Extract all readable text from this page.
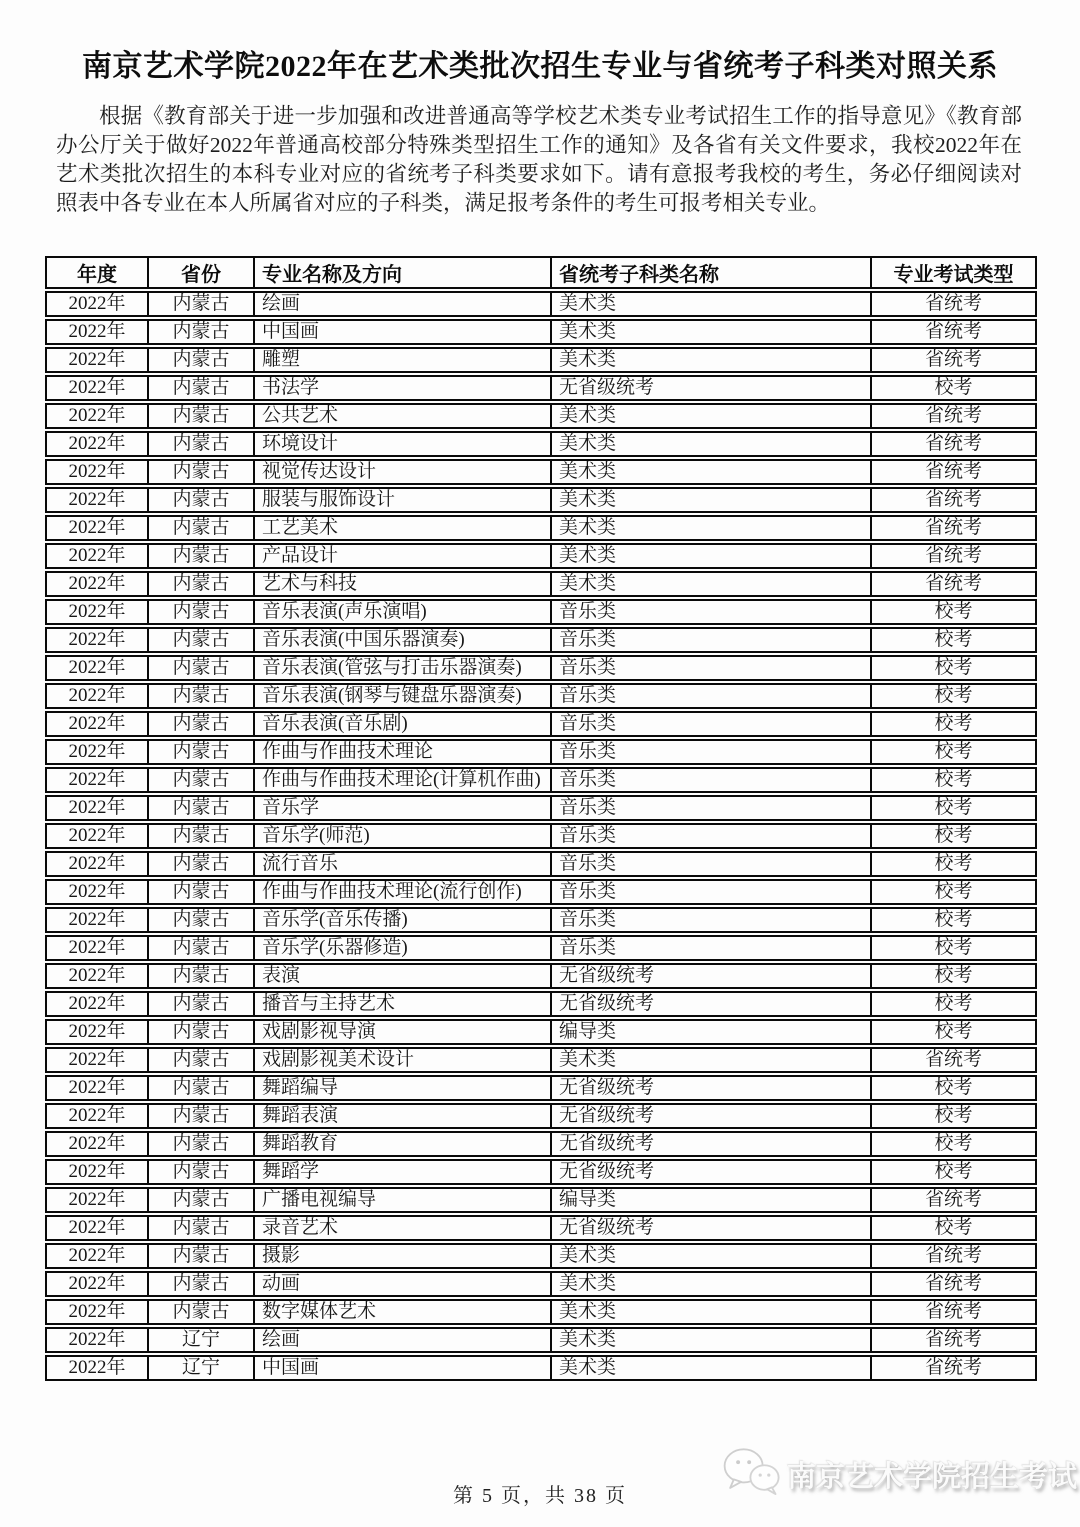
南京艺术学院2022年在艺术类批次招生专业与省统考子科类对照关系

根据《教育部关于进一步加强和改进普通高等学校艺术类专业考试招生工作的指导意见》《教育部办公厅关于做好2022年普通高校部分特殊类型招生工作的通知》及各省有关文件要求，我校2022年在艺术类批次招生的本科专业对应的省统考子科类要求如下。请有意报考我校的考生，务必仔细阅读对照表中各专业在本人所属省对应的子科类，满足报考条件的考生可报考相关专业。

年度	省份	专业名称及方向	省统考子科类名称	专业考试类型
2022年	内蒙古	绘画	美术类	省统考
2022年	内蒙古	中国画	美术类	省统考
2022年	内蒙古	雕塑	美术类	省统考
2022年	内蒙古	书法学	无省级统考	校考
2022年	内蒙古	公共艺术	美术类	省统考
2022年	内蒙古	环境设计	美术类	省统考
2022年	内蒙古	视觉传达设计	美术类	省统考
2022年	内蒙古	服装与服饰设计	美术类	省统考
2022年	内蒙古	工艺美术	美术类	省统考
2022年	内蒙古	产品设计	美术类	省统考
2022年	内蒙古	艺术与科技	美术类	省统考
2022年	内蒙古	音乐表演(声乐演唱)	音乐类	校考
2022年	内蒙古	音乐表演(中国乐器演奏)	音乐类	校考
2022年	内蒙古	音乐表演(管弦与打击乐器演奏)	音乐类	校考
2022年	内蒙古	音乐表演(钢琴与键盘乐器演奏)	音乐类	校考
2022年	内蒙古	音乐表演(音乐剧)	音乐类	校考
2022年	内蒙古	作曲与作曲技术理论	音乐类	校考
2022年	内蒙古	作曲与作曲技术理论(计算机作曲)	音乐类	校考
2022年	内蒙古	音乐学	音乐类	校考
2022年	内蒙古	音乐学(师范)	音乐类	校考
2022年	内蒙古	流行音乐	音乐类	校考
2022年	内蒙古	作曲与作曲技术理论(流行创作)	音乐类	校考
2022年	内蒙古	音乐学(音乐传播)	音乐类	校考
2022年	内蒙古	音乐学(乐器修造)	音乐类	校考
2022年	内蒙古	表演	无省级统考	校考
2022年	内蒙古	播音与主持艺术	无省级统考	校考
2022年	内蒙古	戏剧影视导演	编导类	校考
2022年	内蒙古	戏剧影视美术设计	美术类	省统考
2022年	内蒙古	舞蹈编导	无省级统考	校考
2022年	内蒙古	舞蹈表演	无省级统考	校考
2022年	内蒙古	舞蹈教育	无省级统考	校考
2022年	内蒙古	舞蹈学	无省级统考	校考
2022年	内蒙古	广播电视编导	编导类	省统考
2022年	内蒙古	录音艺术	无省级统考	校考
2022年	内蒙古	摄影	美术类	省统考
2022年	内蒙古	动画	美术类	省统考
2022年	内蒙古	数字媒体艺术	美术类	省统考
2022年	辽宁	绘画	美术类	省统考
2022年	辽宁	中国画	美术类	省统考
第 5 页，共 38 页
南京艺术学院招生考试
